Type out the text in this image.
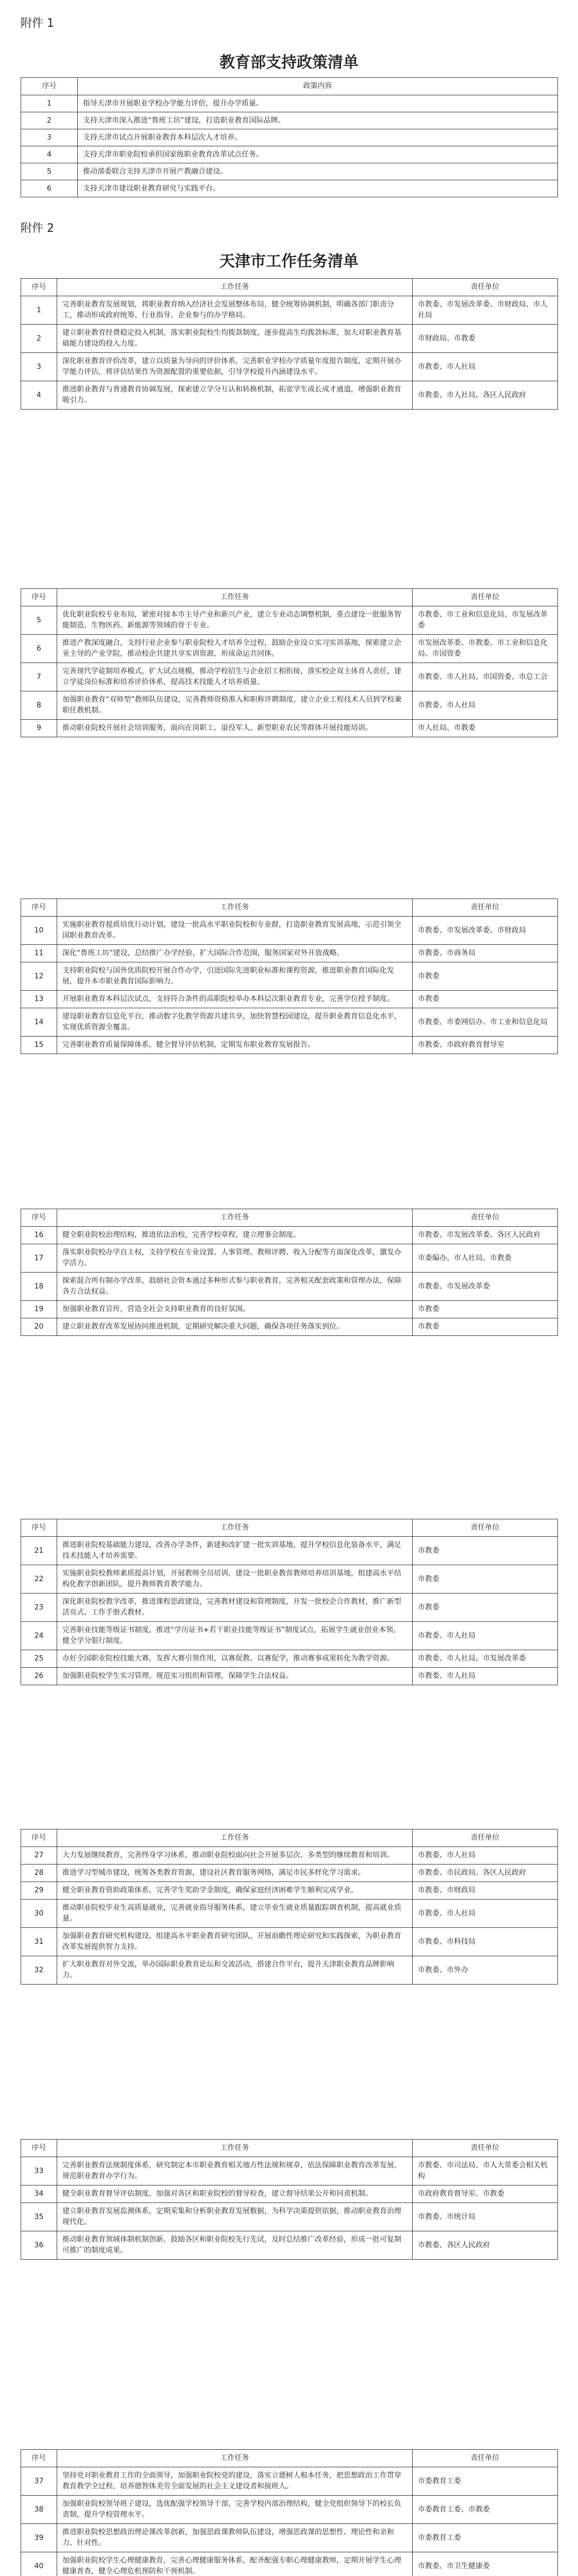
附件 1
教育部支持政策清单
序号	政策内容
1	指导天津市开展职业学校办学能力评价，提升办学质量。
2	支持天津市深入推进“鲁班工坊”建设，打造职业教育国际品牌。
3	支持天津市试点开展职业教育本科层次人才培养。
4	支持天津市职业院校承担国家级职业教育改革试点任务。
5	推动部委联合支持天津市开展产教融合建设。
6	支持天津市建设职业教育研究与实践平台。
附件 2
天津市工作任务清单
序号	工作任务	责任单位
1	完善职业教育发展规划，将职业教育纳入经济社会发展整体布局，健全统筹协调机制，明确各部门职责分工，推动形成政府统筹、行业指导、企业参与的办学格局。	市教委、市发展改革委、市财政局、市人社局
2	建立职业教育经费稳定投入机制，落实职业院校生均拨款制度，逐步提高生均拨款标准，加大对职业教育基础能力建设的投入力度。	市财政局、市教委
3	深化职业教育评价改革，建立以质量为导向的评价体系，完善职业学校办学质量年度报告制度，定期开展办学能力评估，将评估结果作为资源配置的重要依据，引导学校提升内涵建设水平。	市教委、市人社局
4	推进职业教育与普通教育协调发展，探索建立学分互认和转换机制，拓宽学生成长成才通道，增强职业教育吸引力。	市教委、市人社局、各区人民政府
序号	工作任务	责任单位
5	优化职业院校专业布局，紧密对接本市主导产业和新兴产业，建立专业动态调整机制，重点建设一批服务智能制造、生物医药、新能源等领域的骨干专业。	市教委、市工业和信息化局、市发展改革委
6	推进产教深度融合，支持行业企业参与职业院校人才培养全过程，鼓励企业设立实习实训基地，探索建立企业主导的产业学院，推动校企共建共享实训资源，形成命运共同体。	市发展改革委、市教委、市工业和信息化局、市国资委
7	完善现代学徒制培养模式，扩大试点规模，推动学校招生与企业招工相衔接，落实校企双主体育人责任，建立学徒岗位标准和培养评价体系，提高技术技能人才培养质量。	市教委、市人社局、市国资委、市总工会
8	加强职业教育“双师型”教师队伍建设，完善教师资格准入和职称评聘制度，建立企业工程技术人员到学校兼职任教机制。	市教委、市人社局
9	推动职业院校开展社会培训服务，面向在岗职工、退役军人、新型职业农民等群体开展技能培训。	市人社局、市教委
序号	工作任务	责任单位
10	实施职业教育提质培优行动计划，建设一批高水平职业院校和专业群，打造职业教育发展高地，示范引领全国职业教育改革。	市教委、市发展改革委、市财政局
11	深化“鲁班工坊”建设，总结推广办学经验，扩大国际合作范围，服务国家对外开放战略。	市教委、市商务局
12	支持职业院校与国外优质院校开展合作办学，引进国际先进职业标准和课程资源，推进职业教育国际化发展，提升本市职业教育国际影响力。	市教委
13	开展职业教育本科层次试点，支持符合条件的高职院校举办本科层次职业教育专业，完善学位授予制度。	市教委
14	建设职业教育信息化平台，推动数字化教学资源共建共享，加快智慧校园建设，提升职业教育信息化水平，实现优质资源全覆盖。	市教委、市委网信办、市工业和信息化局
15	完善职业教育质量保障体系，健全督导评估机制，定期发布职业教育发展报告。	市教委、市政府教育督导室
序号	工作任务	责任单位
16	健全职业院校治理结构，推进依法治校，完善学校章程，建立理事会制度。	市教委、市发展改革委、各区人民政府
17	落实职业院校办学自主权，支持学校在专业设置、人事管理、教师评聘、收入分配等方面深化改革，激发办学活力。	市委编办、市人社局、市教委
18	探索混合所有制办学改革，鼓励社会资本通过多种形式参与职业教育，完善相关配套政策和管理办法，保障各方合法权益。	市教委、市发展改革委
19	加强职业教育宣传，营造全社会支持职业教育的良好氛围。	市教委
20	建立职业教育改革发展协同推进机制，定期研究解决重大问题，确保各项任务落实到位。	市教委
序号	工作任务	责任单位
21	推进职业院校基础能力建设，改善办学条件，新建和改扩建一批实训基地，提升学校信息化装备水平，满足技术技能人才培养需要。	市教委
22	实施职业院校教师素质提高计划，开展教师全员培训，建设一批职业教育教师培养培训基地，组建高水平结构化教学创新团队，提升教师教育教学能力。	市教委
23	深化职业院校教学改革，推进课程思政建设，完善教材建设和管理制度，开发一批校企合作教材，推广新型活页式、工作手册式教材。	市教委
24	完善职业技能等级证书制度，推进“学历证书+若干职业技能等级证书”制度试点，拓展学生就业创业本领，健全学分银行制度。	市教委、市人社局
25	办好全国职业院校技能大赛，发挥大赛引领作用，以赛促教、以赛促学，推动赛事成果转化为教学资源。	市教委、市人社局、市发展改革委
26	加强职业院校学生实习管理，规范实习组织和管理，保障学生合法权益。	市教委、市人社局
序号	工作任务	责任单位
27	大力发展继续教育，完善终身学习体系，推动职业院校面向社会开展多层次、多类型的继续教育和培训。	市教委、市人社局
28	推进学习型城市建设，统筹各类教育资源，建设社区教育服务网络，满足市民多样化学习需求。	市教委、市民政局、各区人民政府
29	健全职业教育资助政策体系，完善学生奖助学金制度，确保家庭经济困难学生顺利完成学业。	市教委、市财政局
30	推动职业院校毕业生高质量就业，完善就业指导服务体系，建立毕业生就业质量跟踪调查机制，提高就业质量。	市教委、市人社局
31	加强职业教育研究机构建设，组建高水平职业教育研究团队，开展前瞻性理论研究和实践探索，为职业教育改革发展提供智力支持。	市教委、市科技局
32	扩大职业教育对外交流，举办国际职业教育论坛和交流活动，搭建合作平台，提升天津职业教育品牌影响力。	市教委、市外办
序号	工作任务	责任单位
33	完善职业教育法规制度体系，研究制定本市职业教育相关地方性法规和规章，依法保障职业教育改革发展，规范职业教育办学行为。	市教委、市司法局、市人大常委会相关机构
34	健全职业教育督导评估制度，加强对各区和职业院校的督导检查，建立督导结果公开和问责机制。	市政府教育督导室、市教委
35	建立职业教育发展监测体系，定期采集和分析职业教育发展数据，为科学决策提供依据，推动职业教育治理现代化。	市教委、市统计局
36	推动职业教育领域体制机制创新，鼓励各区和职业院校先行先试，及时总结推广改革经验，形成一批可复制可推广的制度成果。	市教委、各区人民政府
序号	工作任务	责任单位
37	坚持党对职业教育工作的全面领导，加强职业院校党的建设，落实立德树人根本任务，把思想政治工作贯穿教育教学全过程，培养德智体美劳全面发展的社会主义建设者和接班人。	市委教育工委
38	加强职业院校领导班子建设，选优配强学校领导干部，完善学校内部治理结构，健全党组织领导下的校长负责制，提升学校管理水平。	市委教育工委、市教委
39	推进职业院校思想政治理论课改革创新，加强思政课教师队伍建设，增强思政课的思想性、理论性和亲和力、针对性。	市委教育工委
40	加强职业院校学生心理健康教育，完善心理健康服务体系，配齐配强专职心理健康教师，定期开展学生心理健康普查，健全心理危机预防和干预机制。	市教委、市卫生健康委
